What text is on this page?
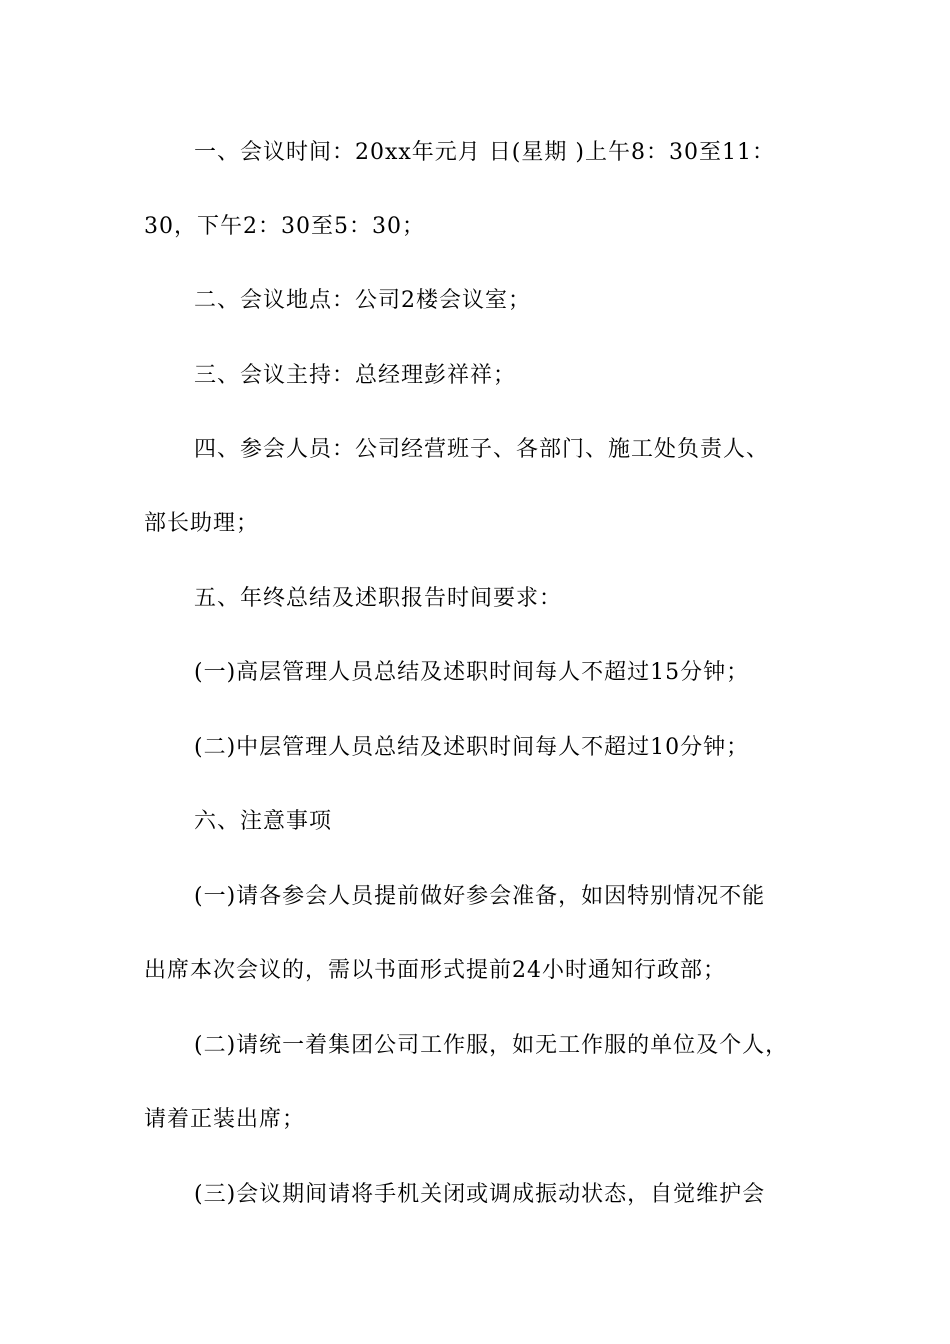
一、会议时间：20xx年元月 日(星期 )上午8：30至11：

30，下午2：30至5：30；

二、会议地点：公司2楼会议室；

三、会议主持：总经理彭祥祥；

四、参会人员：公司经营班子、各部门、施工处负责人、

部长助理；

五、年终总结及述职报告时间要求：

(一)高层管理人员总结及述职时间每人不超过15分钟；

(二)中层管理人员总结及述职时间每人不超过10分钟；

六、注意事项

(一)请各参会人员提前做好参会准备，如因特别情况不能

出席本次会议的，需以书面形式提前24小时通知行政部；

(二)请统一着集团公司工作服，如无工作服的单位及个人，

请着正装出席；

(三)会议期间请将手机关闭或调成振动状态，自觉维护会
